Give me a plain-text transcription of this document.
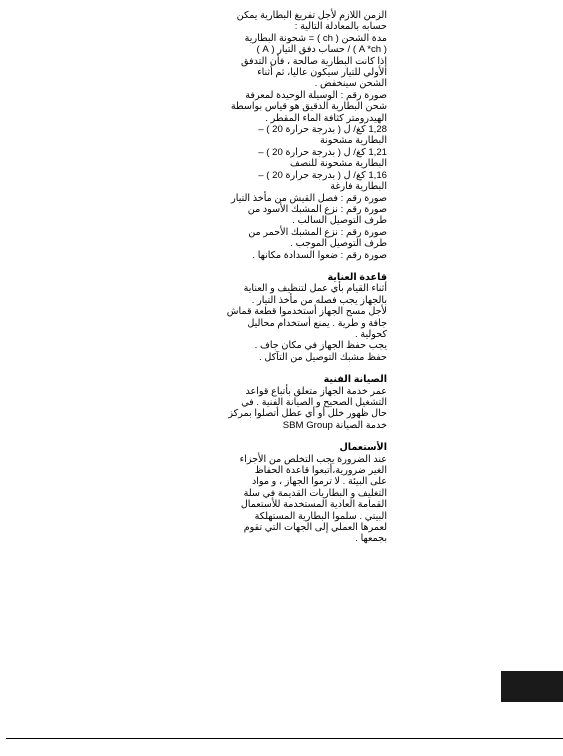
الزمن اللازم لأجل تفريغ البطارية يمكن
حسابه بالمعادلة التالية :
مدة الشحن ( ch ) = شحونة البطارية
( A *ch ) / حساب دفق التيار ( A )
إذا كانت البطارية صالحة ، فأن التدفق
الأولي للتيار سيكون عاليا، ثم أثناء
الشحن سينخفض .
صورة رقم : الوسيلة الوحيدة لمعرفة
شحن البطارية الدقيق هو قياس بواسطة
الهيدرومتر كثافة الماء المقطر .
1,28 كغ/ ل ( بدرجة حرارة 20 ) –
البطارية مشحونة
1,21 كغ/ ل ( بدرجة حرارة 20 ) –
البطارية مشحونة للنصف
1,16 كغ/ ل ( بدرجة حرارة 20 ) –
البطارية فارغة
صورة رقم : فصل القيش من مأخذ التيار
صورة رقم : نزع المشبك الأسود من
طرف التوصيل السالب .
صورة رقم : نزع المشبك الأحمر من
طرف التوصيل الموجب .
صورة رقم : ضعوا السدادة مكانها .
قاعدة العناية
أثناء القيام بأي عمل لتنظيف و العناية
بالجهاز يجب فصله من مأخذ التيار .
لأجل مسح الجهاز أستخدموا قطعة قماش
جافة و طرية . يمنع أستخدام محاليل
كحولية .
يجب حفظ الجهاز في مكان جاف .
حفظ مشبك التوصيل من التآكل .
الصيانة الفنية
عمر خدمة الجهاز متعلق بأتباع قواعد
التشغيل الصحيح و الصيانة الفنية . في
حال ظهور خلل أو أي عطل أتصلوا بمركز
خدمة الصيانة SBM Group
الأستعمال
عند الضرورة يجب التخلص من الأجزاء
الغير ضرورية،أتبعوا قاعدة الحفاظ
على البيئة . لا ترموا الجهاز ، و مواد
التغليف و البطاريات القديمة في سلة
القمامة العادية المستخدمة للأستعمال
البيتي . سلموا البطارية المستهلكة
لعمرها العملي إلى الجهات التي تقوم
بجمعها .
